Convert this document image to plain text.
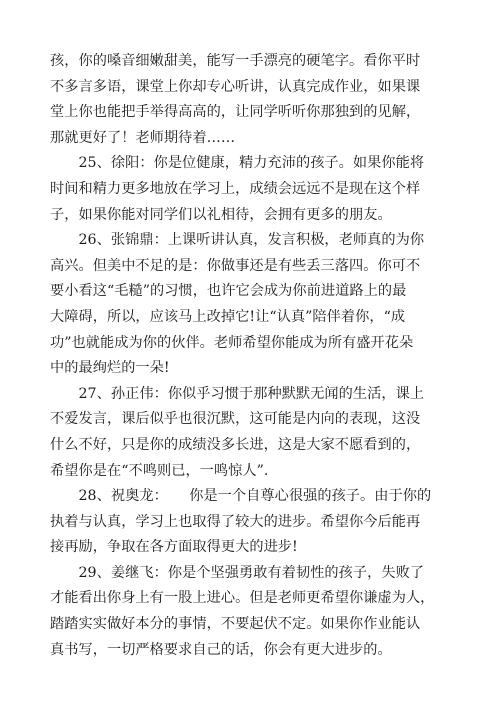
孩，你的嗓音细嫩甜美，能写一手漂亮的硬笔字。看你平时
不多言多语，课堂上你却专心听讲，认真完成作业，如果课
堂上你也能把手举得高高的，让同学听听你那独到的见解，
那就更好了！老师期待着……
　　25、徐阳：你是位健康，精力充沛的孩子。如果你能将
时间和精力更多地放在学习上，成绩会远远不是现在这个样
子，如果你能对同学们以礼相待，会拥有更多的朋友。
　　26、张锦鼎：上课听讲认真，发言积极，老师真的为你
高兴。但美中不足的是：你做事还是有些丢三落四。你可不
要小看这“毛糙”的习惯，也许它会成为你前进道路上的最
大障碍，所以，应该马上改掉它!让“认真”陪伴着你，“成
功”也就能成为你的伙伴。老师希望你能成为所有盛开花朵
中的最绚烂的一朵!
　　27、孙正伟：你似乎习惯于那种默默无闻的生活，课上
不爱发言，课后似乎也很沉默，这可能是内向的表现，这没
什么不好，只是你的成绩没多长进，这是大家不愿看到的，
希望你是在“不鸣则已，一鸣惊人”.
　　28、祝奥龙：　　你是一个自尊心很强的孩子。由于你的
执着与认真，学习上也取得了较大的进步。希望你今后能再
接再励，争取在各方面取得更大的进步!
　　29、姜继飞：你是个坚强勇敢有着韧性的孩子，失败了
才能看出你身上有一股上进心。但是老师更希望你谦虚为人，
踏踏实实做好本分的事情，不要起伏不定。如果你作业能认
真书写，一切严格要求自己的话，你会有更大进步的。
